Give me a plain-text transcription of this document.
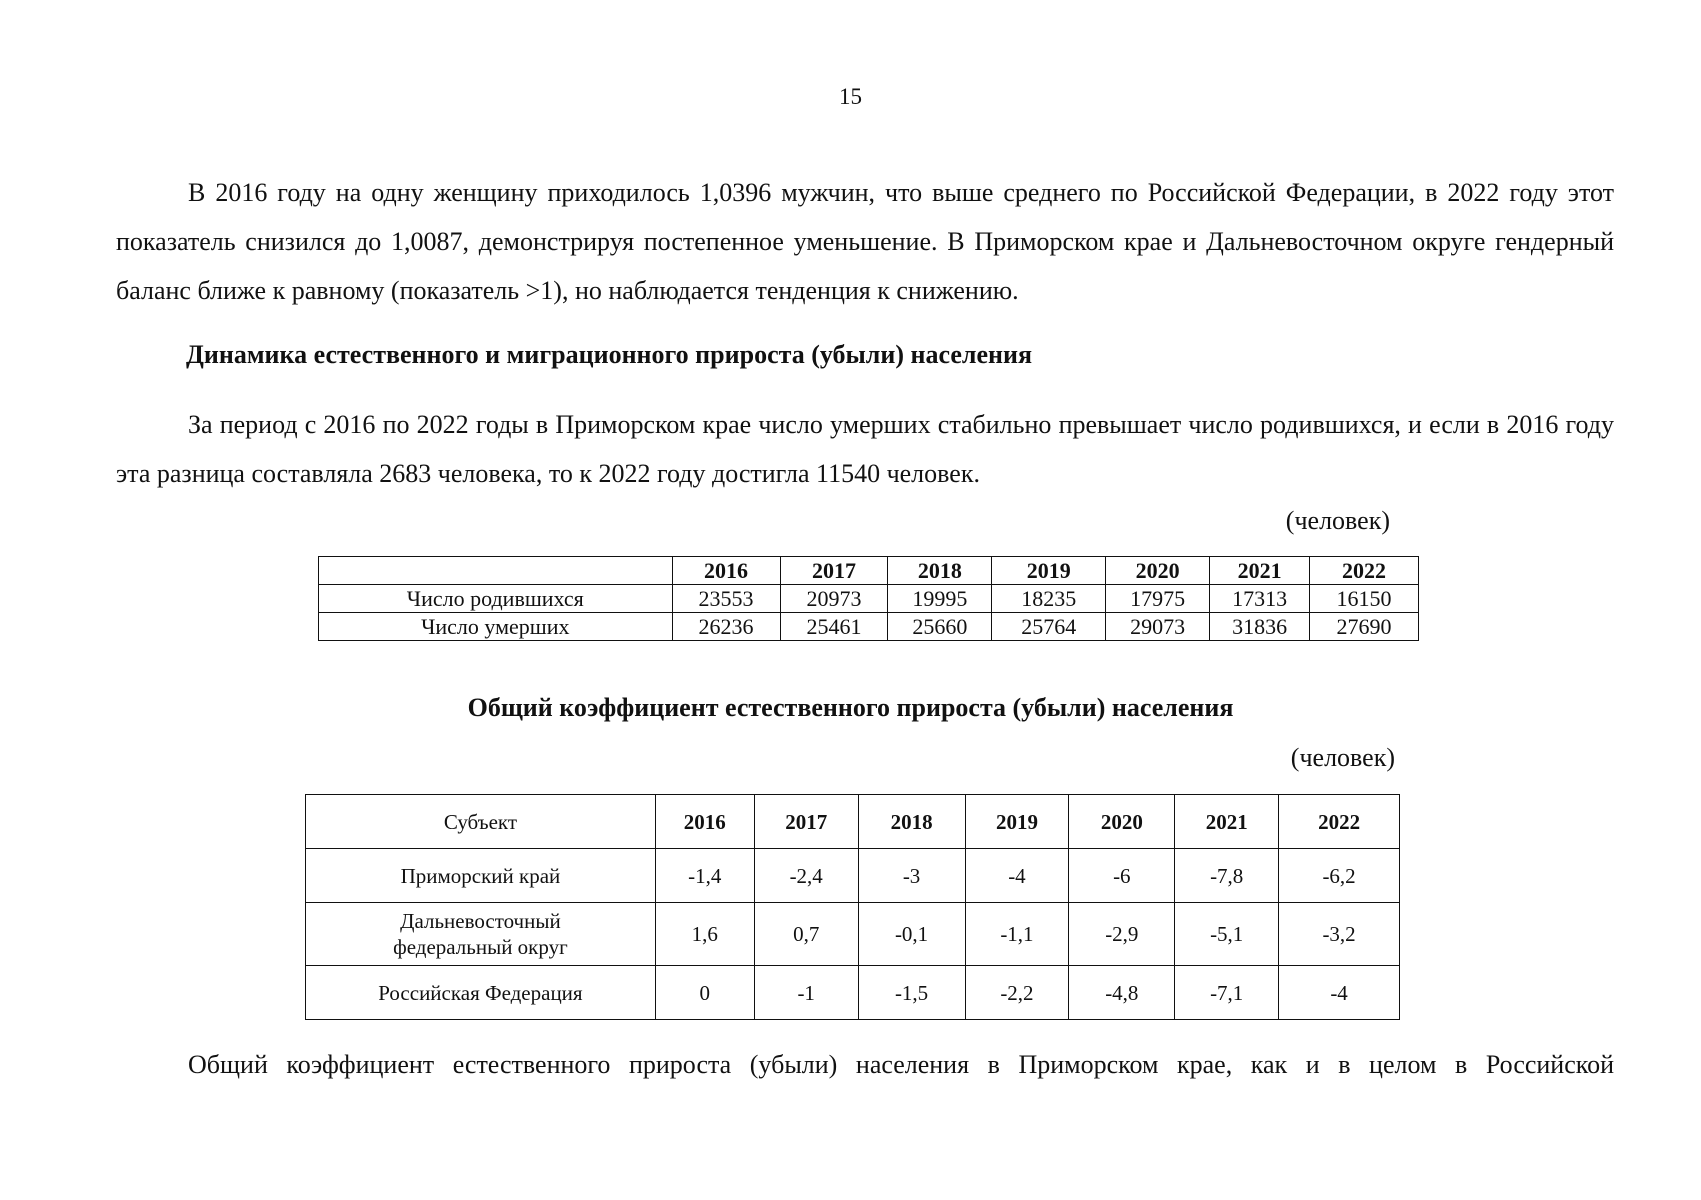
15

В 2016 году на одну женщину приходилось 1,0396 мужчин, что выше среднего по Российской Федерации, в 2022 году этот показатель снизился до 1,0087, демонстрируя постепенное уменьшение. В Приморском крае и Дальневосточном округе гендерный баланс ближе к равному (показатель >1), но наблюдается тенденция к снижению.

Динамика естественного и миграционного прироста (убыли) населения

За период с 2016 по 2022 годы в Приморском крае число умерших стабильно превышает число родившихся, и если в 2016 году эта разница составляла 2683 человека, то к 2022 году достигла 11540 человек.

(человек)
	2016	2017	2018	2019	2020	2021	2022
Число родившихся	23553	20973	19995	18235	17975	17313	16150
Число умерших	26236	25461	25660	25764	29073	31836	27690
Общий коэффициент естественного прироста (убыли) населения
(человек)
Субъект	2016	2017	2018	2019	2020	2021	2022
Приморский край	-1,4	-2,4	-3	-4	-6	-7,8	-6,2
Дальневосточный федеральный округ	1,6	0,7	-0,1	-1,1	-2,9	-5,1	-3,2
Российская Федерация	0	-1	-1,5	-2,2	-4,8	-7,1	-4

Общий коэффициент естественного прироста (убыли) населения в Приморском крае, как и в целом в Российской
